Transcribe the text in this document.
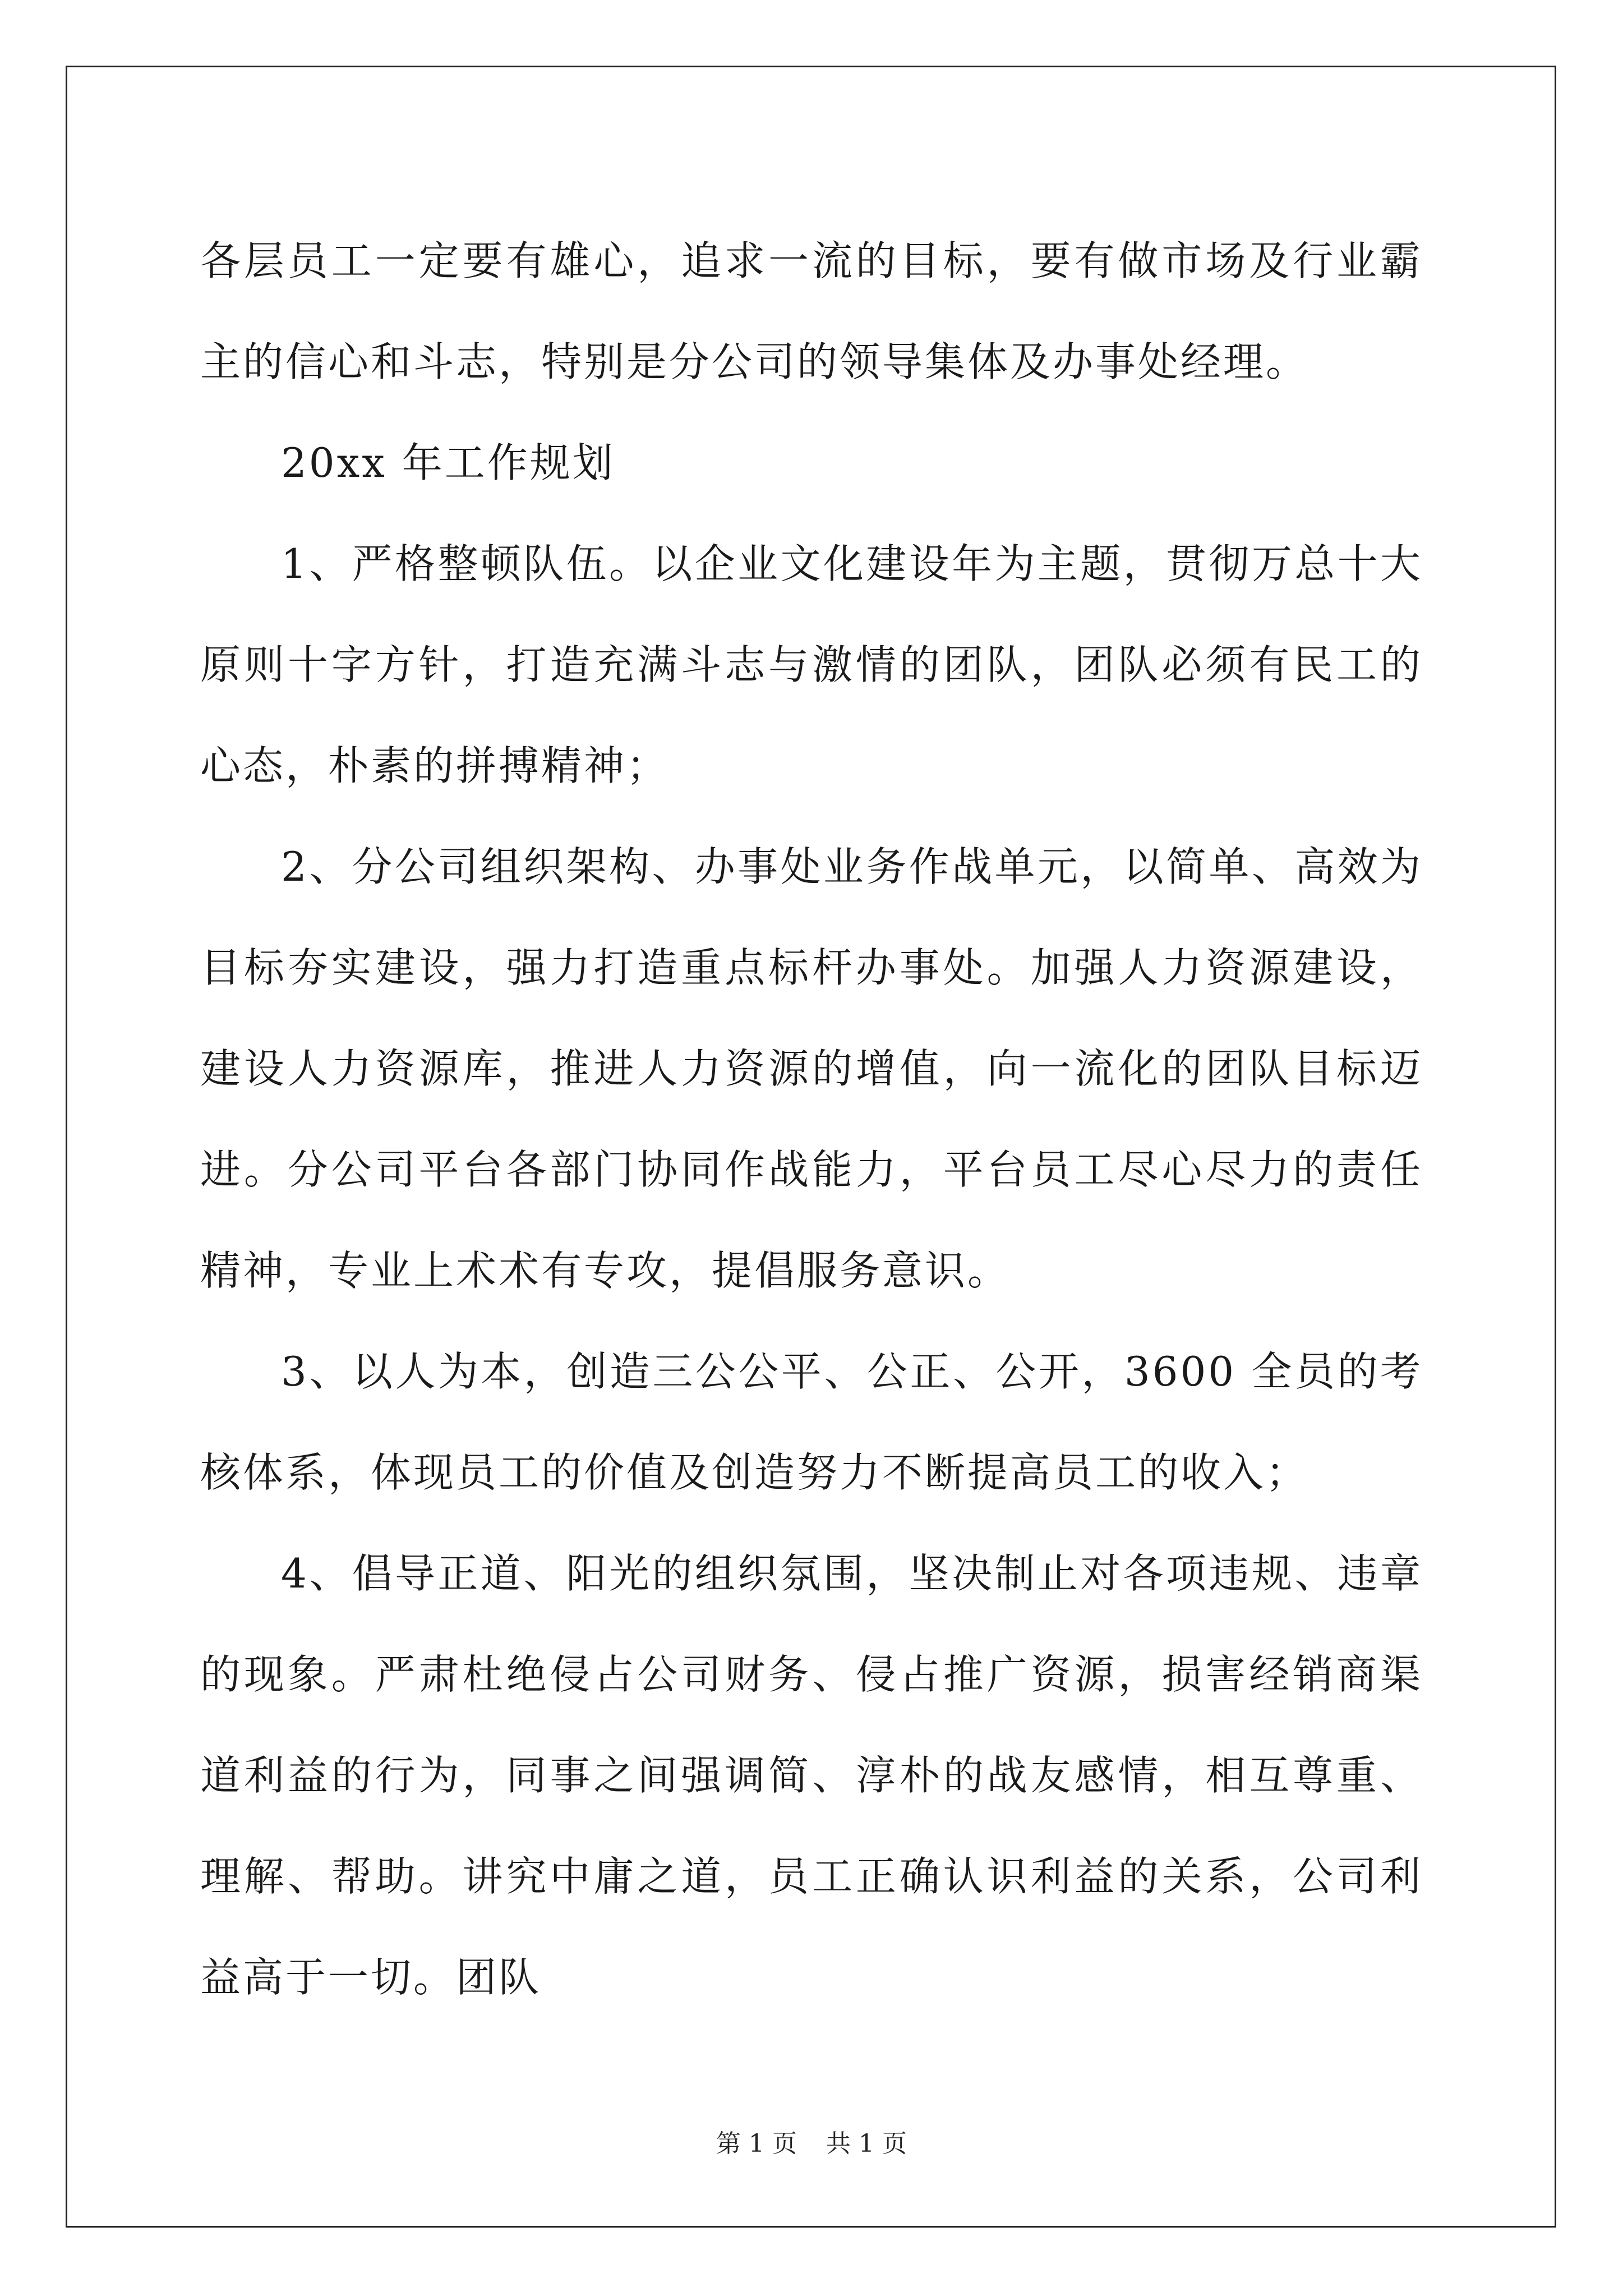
各层员工一定要有雄心，追求一流的目标，要有做市场及行业霸主的信心和斗志，特别是分公司的领导集体及办事处经理。

20xx 年工作规划

1、严格整顿队伍。以企业文化建设年为主题，贯彻万总十大原则十字方针，打造充满斗志与激情的团队，团队必须有民工的心态，朴素的拼搏精神；

2、分公司组织架构、办事处业务作战单元，以简单、高效为目标夯实建设，强力打造重点标杆办事处。加强人力资源建设，建设人力资源库，推进人力资源的增值，向一流化的团队目标迈进。分公司平台各部门协同作战能力，平台员工尽心尽力的责任精神，专业上术术有专攻，提倡服务意识。

3、以人为本，创造三公公平、公正、公开，3600 全员的考核体系，体现员工的价值及创造努力不断提高员工的收入；

4、倡导正道、阳光的组织氛围，坚决制止对各项违规、违章的现象。严肃杜绝侵占公司财务、侵占推广资源，损害经销商渠道利益的行为，同事之间强调简、淳朴的战友感情，相互尊重、理解、帮助。讲究中庸之道，员工正确认识利益的关系，公司利益高于一切。团队

第 1 页 共 1 页
